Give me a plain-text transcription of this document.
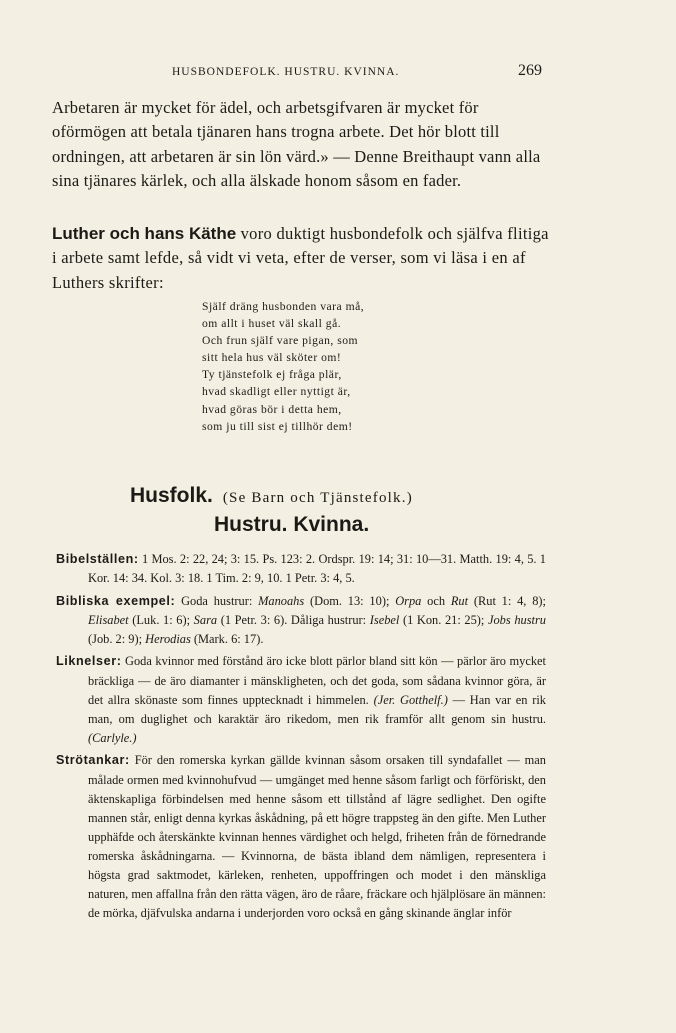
HUSBONDEFOLK. HUSTRU. KVINNA.	269

Arbetaren är mycket för ädel, och arbetsgifvaren är mycket för oförmögen att betala tjänaren hans trogna arbete. Det hör blott till ordningen, att arbetaren är sin lön värd.» — Denne Breithaupt vann alla sina tjänares kärlek, och alla älskade honom såsom en fader.

Luther och hans Käthe voro duktigt husbondefolk och själfva flitiga i arbete samt lefde, så vidt vi veta, efter de verser, som vi läsa i en af Luthers skrifter:

Själf dräng husbonden vara må,
om allt i huset väl skall gå.
Och frun själf vare pigan, som
sitt hela hus väl sköter om!
Ty tjänstefolk ej fråga plär,
hvad skadligt eller nyttigt är,
hvad göras bör i detta hem,
som ju till sist ej tillhör dem!
Husfolk. (Se Barn och Tjänstefolk.)
Hustru. Kvinna.

Bibelställen: 1 Mos. 2: 22, 24; 3: 15. Ps. 123: 2. Ordspr. 19: 14; 31: 10—31. Matth. 19: 4, 5. 1 Kor. 14: 34. Kol. 3: 18. 1 Tim. 2: 9, 10. 1 Petr. 3: 4, 5.

Bibliska exempel: Goda hustrur: Manoahs (Dom. 13: 10); Orpa och Rut (Rut 1: 4, 8); Elisabet (Luk. 1: 6); Sara (1 Petr. 3: 6). Dåliga hustrur: Isebel (1 Kon. 21: 25); Jobs hustru (Job. 2: 9); Herodias (Mark. 6: 17).

Liknelser: Goda kvinnor med förstånd äro icke blott pärlor bland sitt kön — pärlor äro mycket bräckliga — de äro diamanter i mänskligheten, och det goda, som sådana kvinnor göra, är det allra skönaste som finnes upptecknadt i himmelen. (Jer. Gotthelf.) — Han var en rik man, om duglighet och karaktär äro rikedom, men rik framför allt genom sin hustru. (Carlyle.)

Strötankar: För den romerska kyrkan gällde kvinnan såsom orsaken till syndafallet — man målade ormen med kvinnohufvud — umgänget med henne såsom farligt och förföriskt, den äktenskapliga förbindelsen med henne såsom ett tillstånd af lägre sedlighet. Den ogifte mannen står, enligt denna kyrkas åskådning, på ett högre trappsteg än den gifte. Men Luther upphäfde och återskänkte kvinnan hennes värdighet och helgd, friheten från de förnedrande romerska åskådningarna. — Kvinnorna, de bästa ibland dem nämligen, representera i högsta grad saktmodet, kärleken, renheten, uppoffringen och modet i den mänskliga naturen, men affallna från den rätta vägen, äro de råare, fräckare och hjälplösare än männen: de mörka, djäfvulska andarna i underjorden voro också en gång skinande änglar inför
